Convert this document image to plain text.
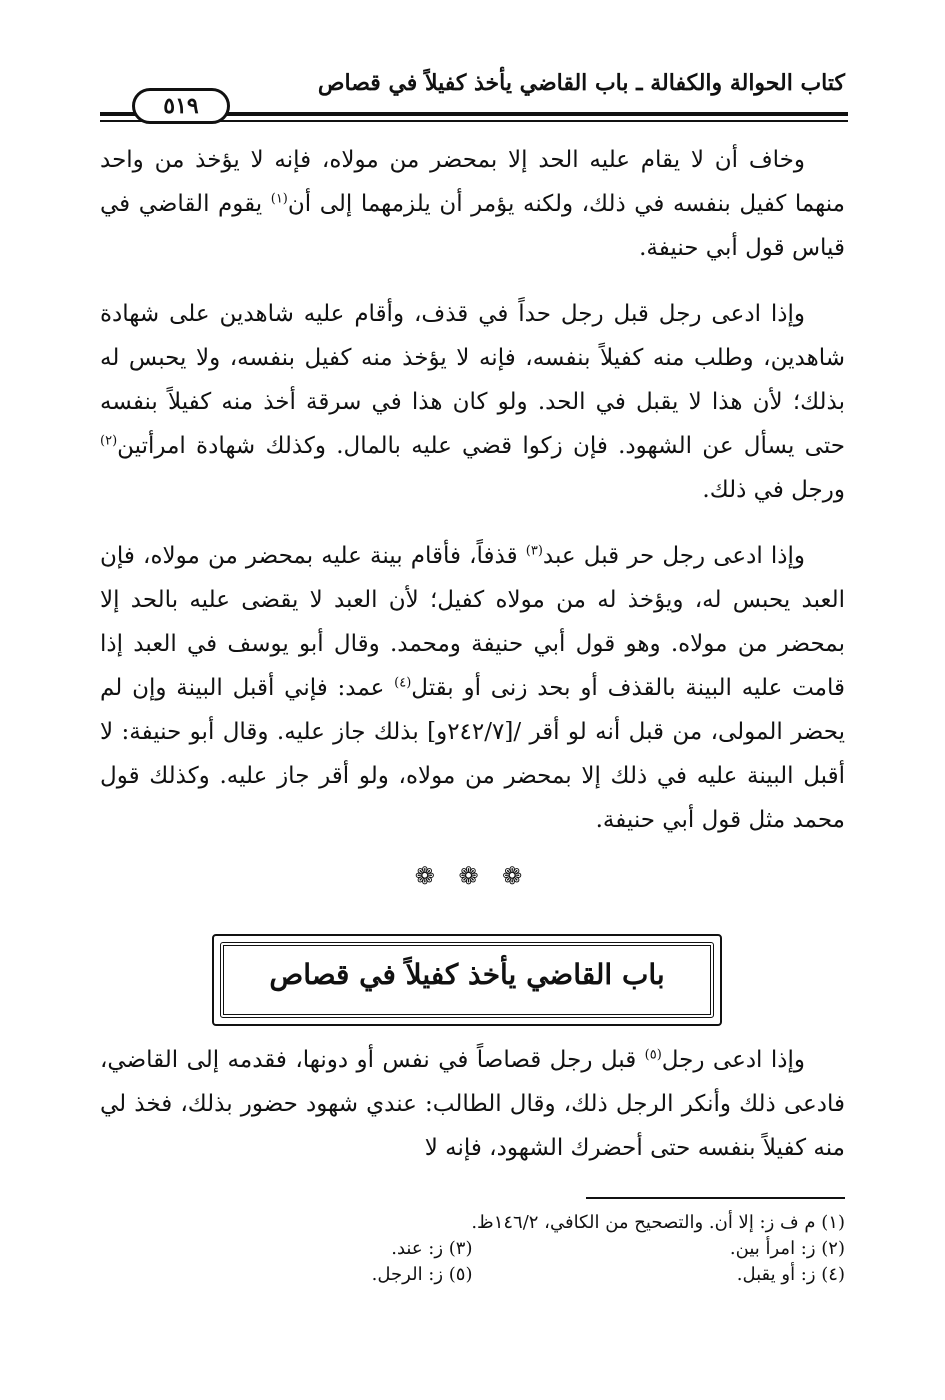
كتاب الحوالة والكفالة ـ باب القاضي يأخذ كفيلاً في قصاص
٥١٩

وخاف أن لا يقام عليه الحد إلا بمحضر من مولاه، فإنه لا يؤخذ من واحد منهما كفيل بنفسه في ذلك، ولكنه يؤمر أن يلزمهما إلى أن$^{(١)}$ يقوم القاضي في قياس قول أبي حنيفة.

وإذا ادعى رجل قبل رجل حداً في قذف، وأقام عليه شاهدين على شهادة شاهدين، وطلب منه كفيلاً بنفسه، فإنه لا يؤخذ منه كفيل بنفسه، ولا يحبس له بذلك؛ لأن هذا لا يقبل في الحد. ولو كان هذا في سرقة أخذ منه كفيلاً بنفسه حتى يسأل عن الشهود. فإن زكوا قضي عليه بالمال. وكذلك شهادة امرأتين$^{(٢)}$ ورجل في ذلك.

وإذا ادعى رجل حر قبل عبد$^{(٣)}$ قذفاً، فأقام بينة عليه بمحضر من مولاه، فإن العبد يحبس له، ويؤخذ له من مولاه كفيل؛ لأن العبد لا يقضى عليه بالحد إلا بمحضر من مولاه. وهو قول أبي حنيفة ومحمد. وقال أبو يوسف في العبد إذا قامت عليه البينة بالقذف أو بحد زنى أو بقتل$^{(٤)}$ عمد: فإني أقبل البينة وإن لم يحضر المولى، من قبل أنه لو أقر /[٢٤٢/٧و] بذلك جاز عليه. وقال أبو حنيفة: لا أقبل البينة عليه في ذلك إلا بمحضر من مولاه، ولو أقر جاز عليه. وكذلك قول محمد مثل قول أبي حنيفة.

❁ ❁ ❁
باب القاضي يأخذ كفيلاً في قصاص

وإذا ادعى رجل$^{(٥)}$ قبل رجل قصاصاً في نفس أو دونها، فقدمه إلى القاضي، فادعى ذلك وأنكر الرجل ذلك، وقال الطالب: عندي شهود حضور بذلك، فخذ لي منه كفيلاً بنفسه حتى أحضرك الشهود، فإنه لا

(١) م ف ز: إلا أن. والتصحيح من الكافي، ١٤٦/٢ظ.
(٢) ز: امرأ بين.
(٣) ز: عند.
(٤) ز: أو يقبل.
(٥) ز: الرجل.
